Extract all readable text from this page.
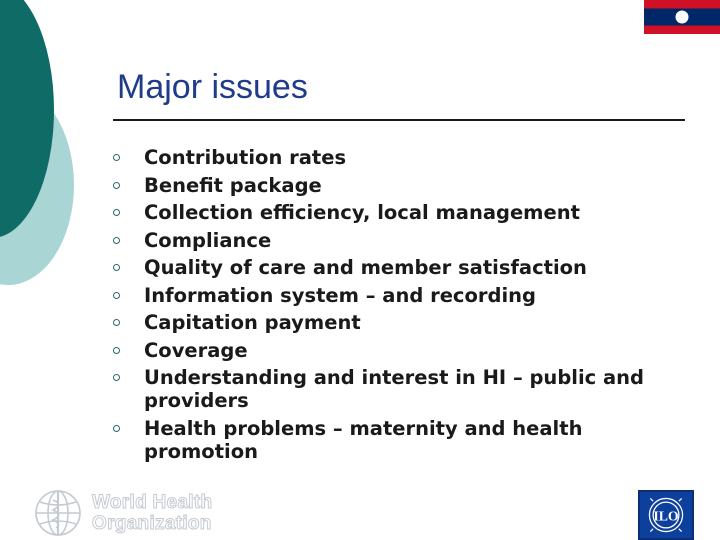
Major issues
Contribution rates
Benefit package
Collection efficiency, local management
Compliance
Quality of care and member satisfaction
Information system – and recording
Capitation payment
Coverage
Understanding and interest in HI – public and providers
Health problems – maternity and health promotion
World Health
Organization	ILO
